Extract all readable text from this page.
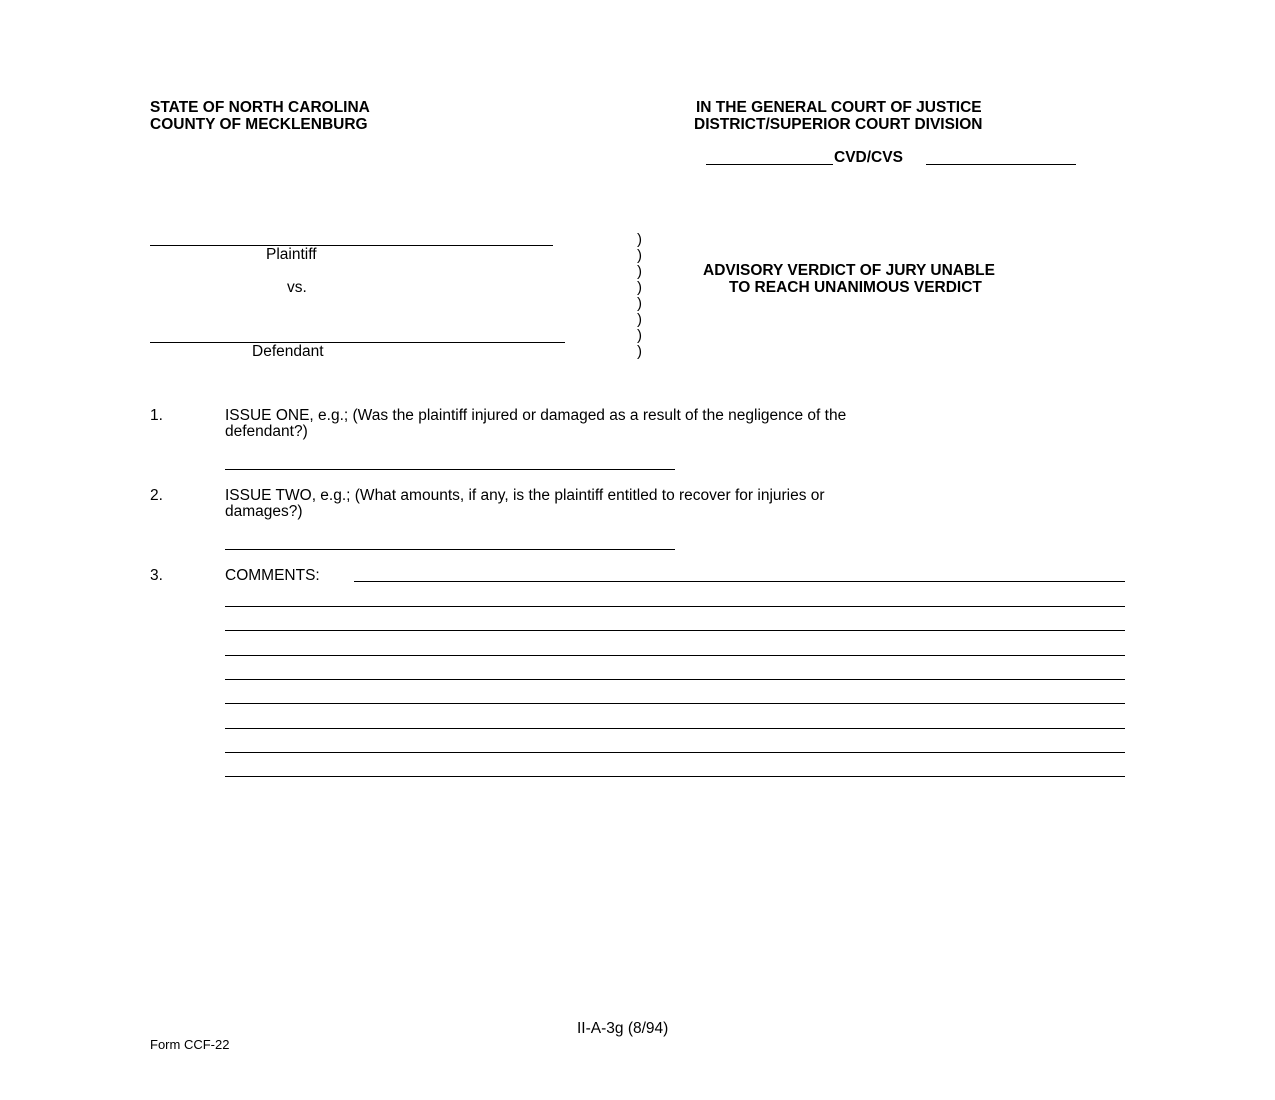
STATE OF NORTH CAROLINA
COUNTY OF MECKLENBURG
IN THE GENERAL COURT OF JUSTICE
DISTRICT/SUPERIOR COURT DIVISION
CVD/CVS
Plaintiff
vs.
Defendant
)
)
)
)
)
)
)
)
ADVISORY VERDICT OF JURY UNABLE
TO REACH UNANIMOUS VERDICT
1.	ISSUE ONE, e.g.; (Was the plaintiff injured or damaged as a result of the negligence of the
defendant?)
2.	ISSUE TWO, e.g.; (What amounts, if any, is the plaintiff entitled to recover for injuries or
damages?)
3.	COMMENTS:
II-A-3g (8/94)
Form CCF-22
